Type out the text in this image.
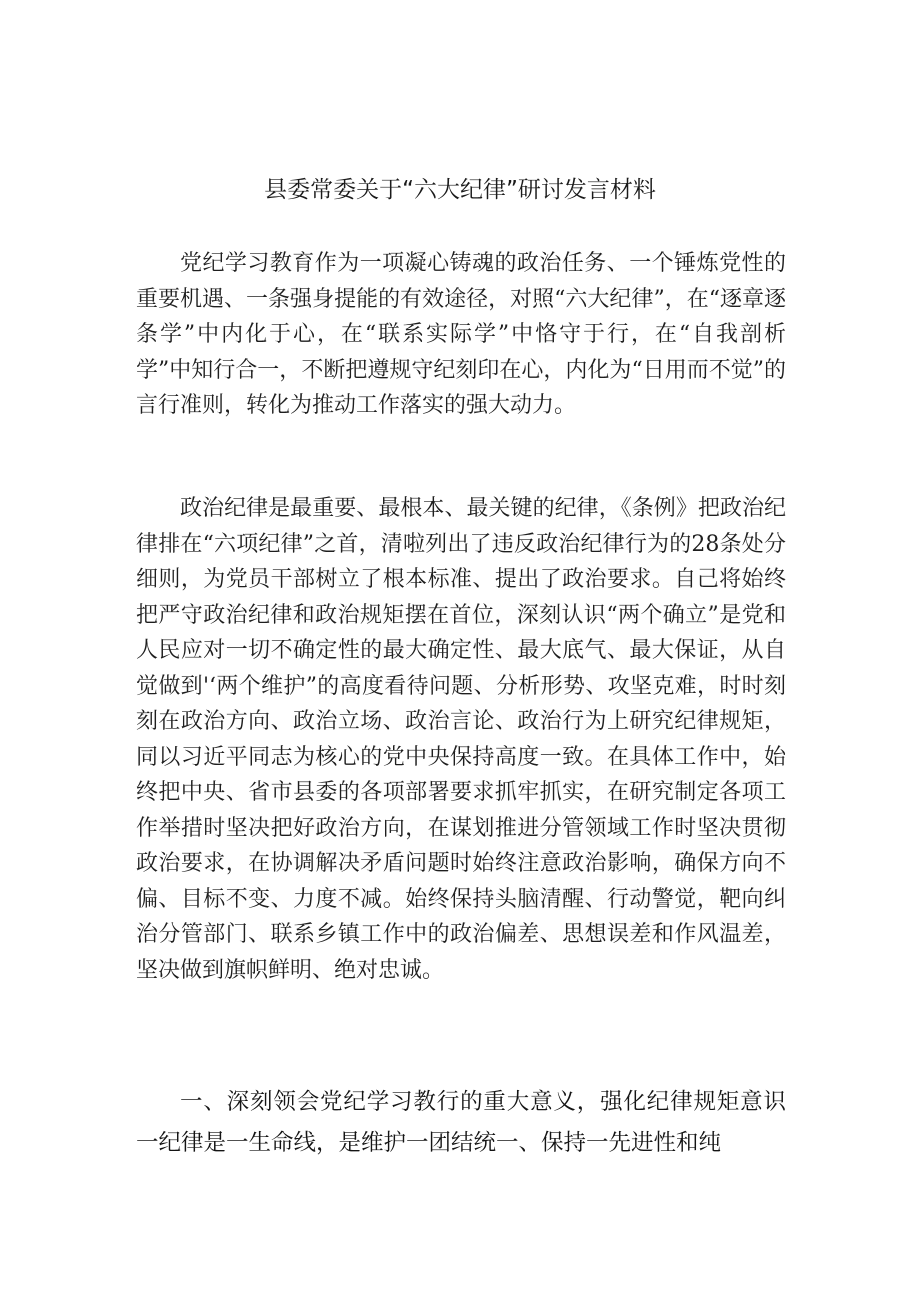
县委常委关于“六大纪律”研讨发言材料

党纪学习教育作为一项凝心铸魂的政治任务、一个锤炼党性的重要机遇、一条强身提能的有效途径，对照“六大纪律”，在“逐章逐条学”中内化于心，在“联系实际学”中恪守于行，在“自我剖析学”中知行合一，不断把遵规守纪刻印在心，内化为“日用而不觉”的言行准则，转化为推动工作落实的强大动力。

政治纪律是最重要、最根本、最关键的纪律，《条例》把政治纪律排在“六项纪律”之首，清啦列出了违反政治纪律行为的28条处分细则，为党员干部树立了根本标准、提出了政治要求。自己将始终把严守政治纪律和政治规矩摆在首位，深刻认识“两个确立”是党和人民应对一切不确定性的最大确定性、最大底气、最大保证，从自觉做到'‘两个维护”的高度看待问题、分析形势、攻坚克难，时时刻刻在政治方向、政治立场、政治言论、政治行为上研究纪律规矩，同以习近平同志为核心的党中央保持高度一致。在具体工作中，始终把中央、省市县委的各项部署要求抓牢抓实，在研究制定各项工作举措时坚决把好政治方向，在谋划推进分管领域工作时坚决贯彻政治要求，在协调解决矛盾问题时始终注意政治影响，确保方向不偏、目标不变、力度不减。始终保持头脑清醒、行动警觉，靶向纠治分管部门、联系乡镇工作中的政治偏差、思想误差和作风温差，坚决做到旗帜鲜明、绝对忠诚。

一、深刻领会党纪学习教行的重大意义，强化纪律规矩意识一纪律是一生命线，是维护一团结统一、保持一先进性和纯
